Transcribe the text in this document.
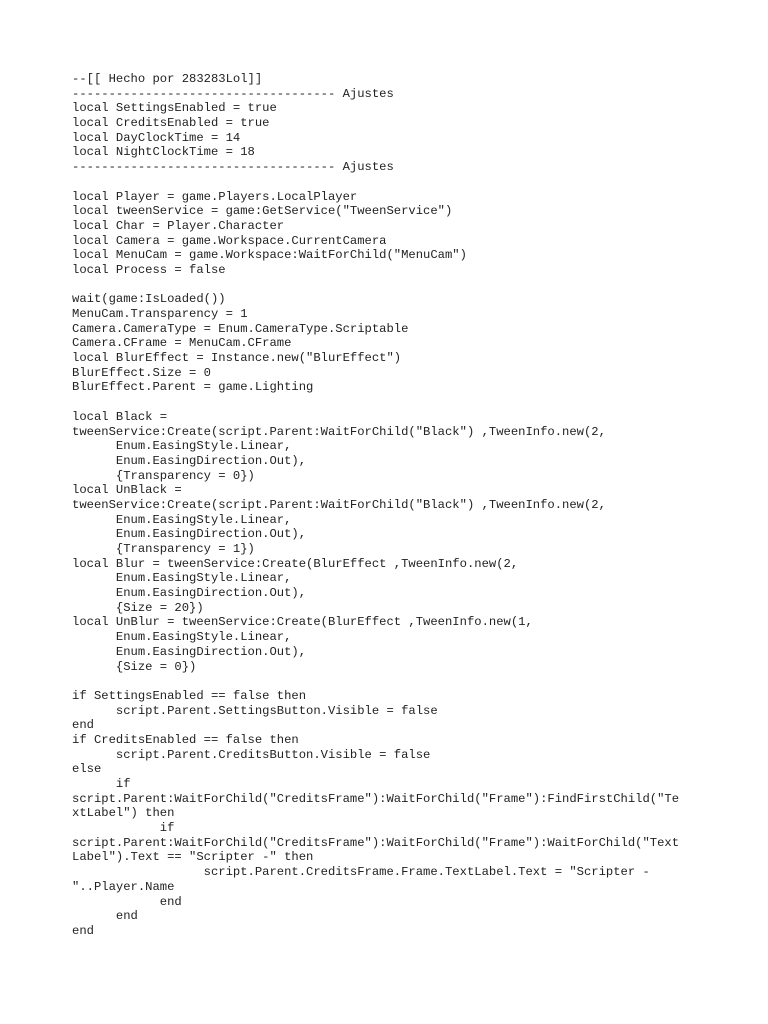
--[[ Hecho por 283283Lol]]
------------------------------------ Ajustes
local SettingsEnabled = true
local CreditsEnabled = true
local DayClockTime = 14
local NightClockTime = 18
------------------------------------ Ajustes
local Player = game.Players.LocalPlayer
local tweenService = game:GetService("TweenService")
local Char = Player.Character
local Camera = game.Workspace.CurrentCamera
local MenuCam = game.Workspace:WaitForChild("MenuCam")
local Process = false
wait(game:IsLoaded())
MenuCam.Transparency = 1
Camera.CameraType = Enum.CameraType.Scriptable
Camera.CFrame = MenuCam.CFrame
local BlurEffect = Instance.new("BlurEffect")
BlurEffect.Size = 0
BlurEffect.Parent = game.Lighting
local Black =
tweenService:Create(script.Parent:WaitForChild("Black") ,TweenInfo.new(2,
Enum.EasingStyle.Linear,
Enum.EasingDirection.Out),
{Transparency = 0})
local UnBlack =
tweenService:Create(script.Parent:WaitForChild("Black") ,TweenInfo.new(2,
Enum.EasingStyle.Linear,
Enum.EasingDirection.Out),
{Transparency = 1})
local Blur = tweenService:Create(BlurEffect ,TweenInfo.new(2,
Enum.EasingStyle.Linear,
Enum.EasingDirection.Out),
{Size = 20})
local UnBlur = tweenService:Create(BlurEffect ,TweenInfo.new(1,
Enum.EasingStyle.Linear,
Enum.EasingDirection.Out),
{Size = 0})
if SettingsEnabled == false then
script.Parent.SettingsButton.Visible = false
end
if CreditsEnabled == false then
script.Parent.CreditsButton.Visible = false
else
if
script.Parent:WaitForChild("CreditsFrame"):WaitForChild("Frame"):FindFirstChild("Te
xtLabel") then
if
script.Parent:WaitForChild("CreditsFrame"):WaitForChild("Frame"):WaitForChild("Text
Label").Text == "Scripter -" then
script.Parent.CreditsFrame.Frame.TextLabel.Text = "Scripter -
"..Player.Name
end
end
end
